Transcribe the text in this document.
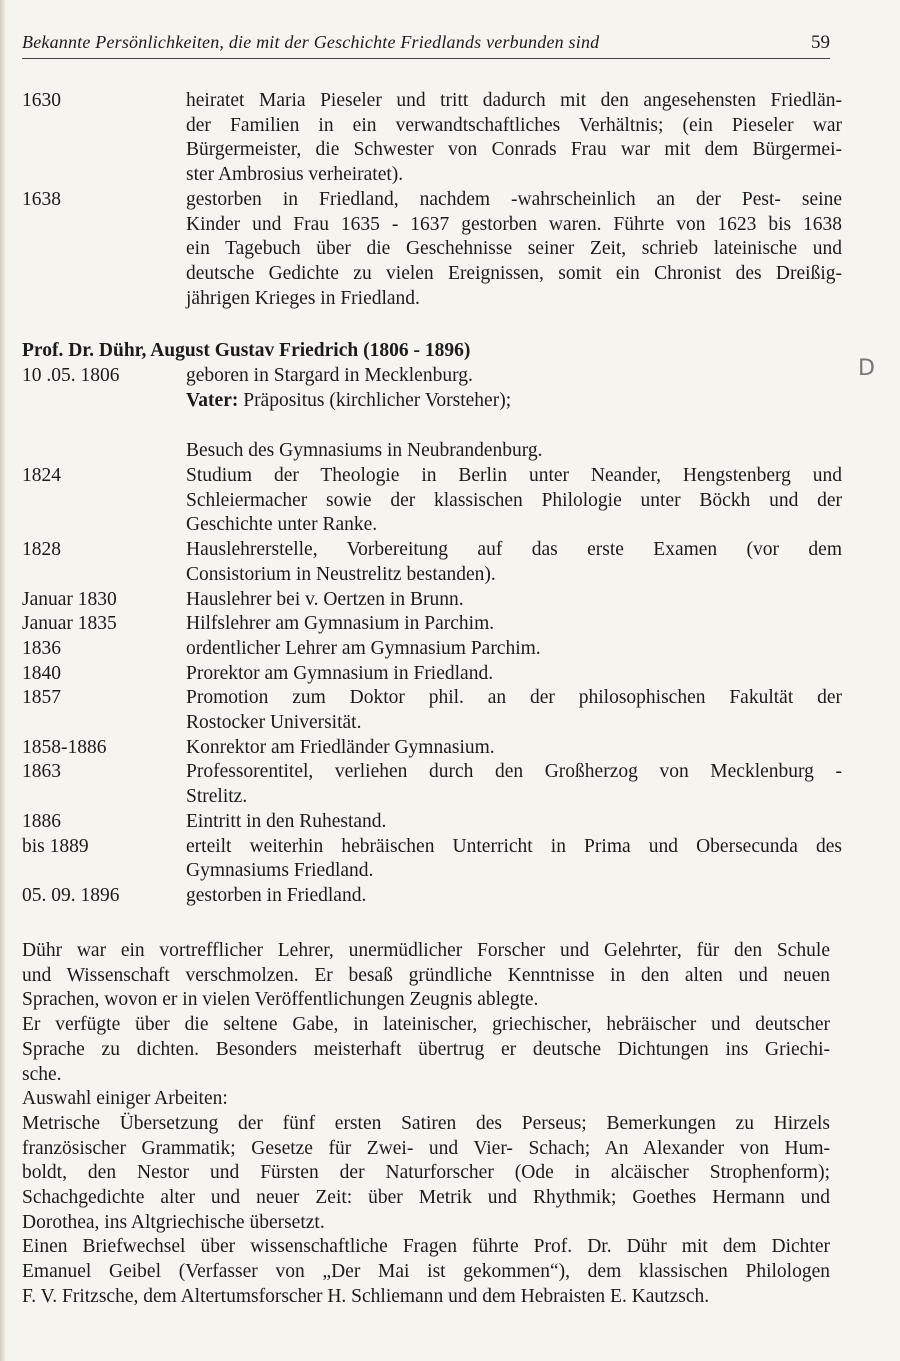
Bekannte Persönlichkeiten, die mit der Geschichte Friedlands verbunden sind	59
1630	heiratet Maria Pieseler und tritt dadurch mit den angesehensten Friedlän-
der Familien in ein verwandtschaftliches Verhältnis; (ein Pieseler war
Bürgermeister, die Schwester von Conrads Frau war mit dem Bürgermei-
ster Ambrosius verheiratet).
1638	gestorben in Friedland, nachdem -wahrscheinlich an der Pest- seine
Kinder und Frau 1635 - 1637 gestorben waren. Führte von 1623 bis 1638
ein Tagebuch über die Geschehnisse seiner Zeit, schrieb lateinische und
deutsche Gedichte zu vielen Ereignissen, somit ein Chronist des Dreißig-
jährigen Krieges in Friedland.
Prof. Dr. Dühr, August Gustav Friedrich (1806 - 1896)
10 .05. 1806	geboren in Stargard in Mecklenburg.
Vater: Präpositus (kirchlicher Vorsteher);
Besuch des Gymnasiums in Neubrandenburg.
1824	Studium der Theologie in Berlin unter Neander, Hengstenberg und
Schleiermacher sowie der klassischen Philologie unter Böckh und der
Geschichte unter Ranke.
1828	Hauslehrerstelle, Vorbereitung auf das erste Examen (vor dem
Consistorium in Neustrelitz bestanden).
Januar 1830	Hauslehrer bei v. Oertzen in Brunn.
Januar 1835	Hilfslehrer am Gymnasium in Parchim.
1836	ordentlicher Lehrer am Gymnasium Parchim.
1840	Prorektor am Gymnasium in Friedland.
1857	Promotion zum Doktor phil. an der philosophischen Fakultät der
Rostocker Universität.
1858-1886	Konrektor am Friedländer Gymnasium.
1863	Professorentitel, verliehen durch den Großherzog von Mecklenburg -
Strelitz.
1886	Eintritt in den Ruhestand.
bis 1889	erteilt weiterhin hebräischen Unterricht in Prima und Obersecunda des
Gymnasiums Friedland.
05. 09. 1896	gestorben in Friedland.

Dühr war ein vortrefflicher Lehrer, unermüdlicher Forscher und Gelehrter, für den Schule
und Wissenschaft verschmolzen. Er besaß gründliche Kenntnisse in den alten und neuen
Sprachen, wovon er in vielen Veröffentlichungen Zeugnis ablegte.

Er verfügte über die seltene Gabe, in lateinischer, griechischer, hebräischer und deutscher
Sprache zu dichten. Besonders meisterhaft übertrug er deutsche Dichtungen ins Griechi-
sche.

Auswahl einiger Arbeiten:

Metrische Übersetzung der fünf ersten Satiren des Perseus; Bemerkungen zu Hirzels
französischer Grammatik; Gesetze für Zwei- und Vier- Schach; An Alexander von Hum-
boldt, den Nestor und Fürsten der Naturforscher (Ode in alcäischer Strophenform);
Schachgedichte alter und neuer Zeit: über Metrik und Rhythmik; Goethes Hermann und
Dorothea, ins Altgriechische übersetzt.

Einen Briefwechsel über wissenschaftliche Fragen führte Prof. Dr. Dühr mit dem Dichter
Emanuel Geibel (Verfasser von „Der Mai ist gekommen“), dem klassischen Philologen
F. V. Fritzsche, dem Altertumsforscher H. Schliemann und dem Hebraisten E. Kautzsch.

D
